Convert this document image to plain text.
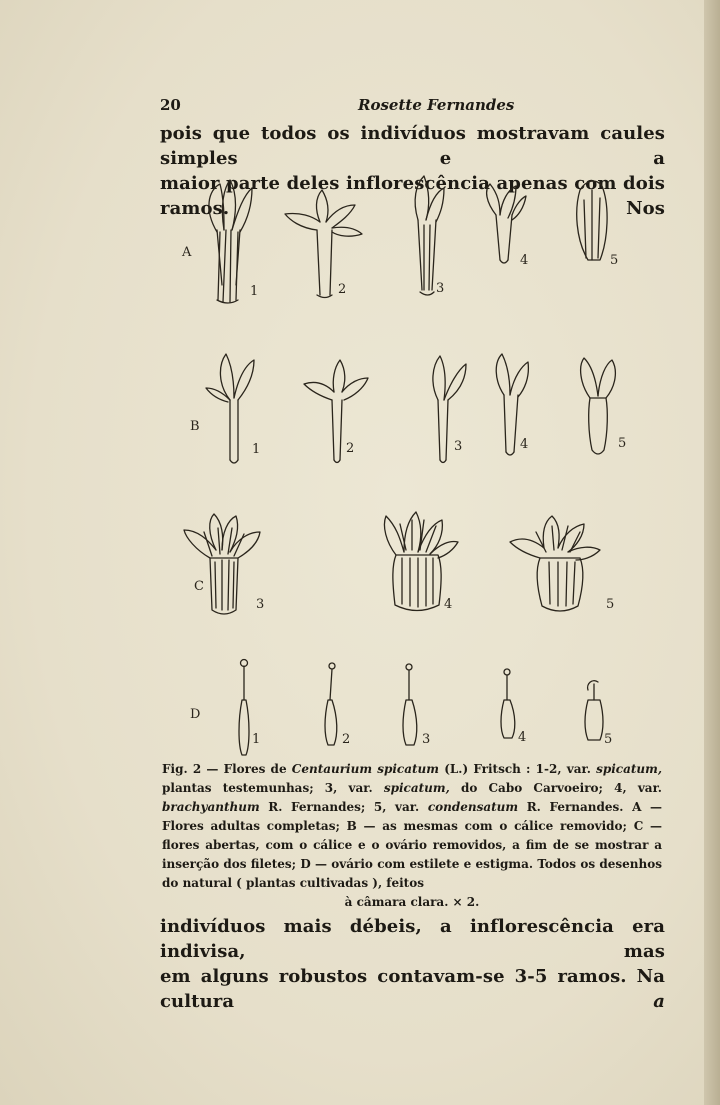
20	Rosette Fernandes

pois que todos os indivíduos mostravam caules simples e a

maior parte deles inflorescência apenas com dois ramos. Nos

A
B
C
D
1	2	3
4	5
1	2	3	4	5
3	4	5
1	2	3	4	5

Fig. 2 — Flores de Centaurium spicatum (L.) Fritsch : 1-2, var. spicatum, plantas testemunhas; 3, var. spicatum, do Cabo Carvoeiro; 4, var. brachyanthum R. Fernandes; 5, var. condensatum R. Fernandes. A — Flores adultas completas; B — as mesmas com o cálice removido; C — flores abertas, com o cálice e o ovário removidos, a fim de se mostrar a inserção dos filetes; D — ovário com estilete e estigma. Todos os desenhos do natural ( plantas cultivadas ), feitos
à câmara clara. × 2.

indivíduos mais débeis, a inflorescência era indivisa, mas

em alguns robustos contavam-se 3-5 ramos. Na cultura	a
